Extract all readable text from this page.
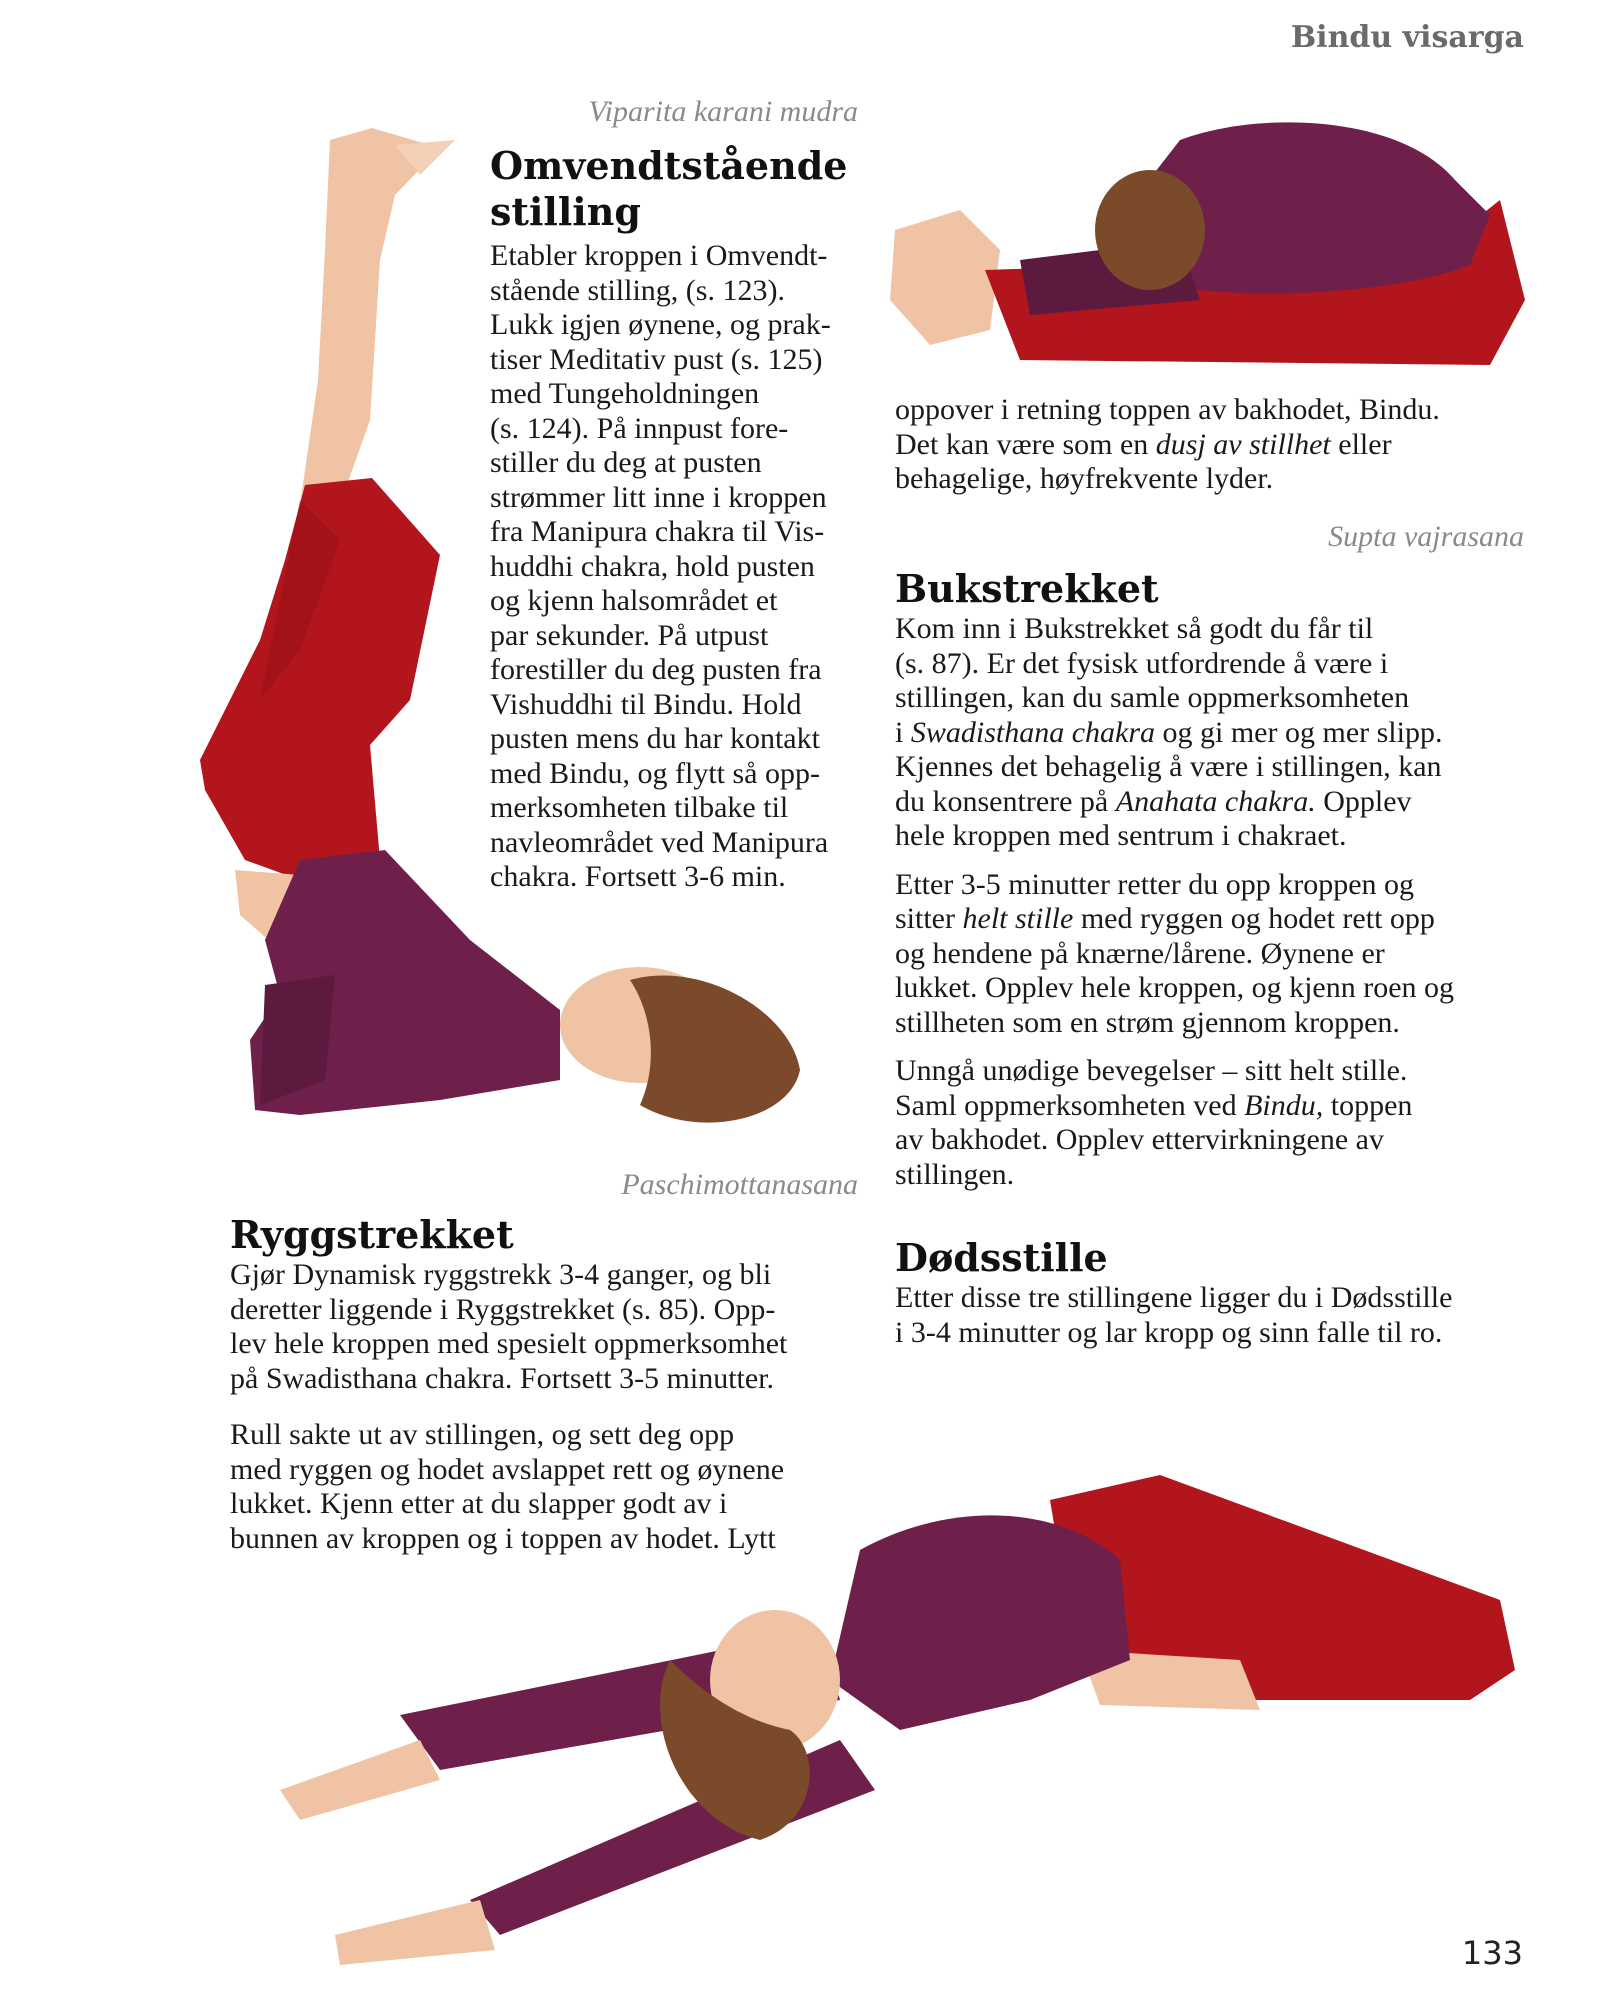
Bindu visarga
Viparita karani mudra
Omvendtstående
stilling
Etabler kroppen i Omvendt-
stående stilling, (s. 123).
Lukk igjen øynene, og prak-
tiser Meditativ pust (s. 125)
med Tungeholdningen
(s. 124). På innpust fore-
stiller du deg at pusten
strømmer litt inne i kroppen
fra Manipura chakra til Vis-
huddhi chakra, hold pusten
og kjenn halsområdet et
par sekunder. På utpust
forestiller du deg pusten fra
Vishuddhi til Bindu. Hold
pusten mens du har kontakt
med Bindu, og flytt så opp-
merksomheten tilbake til
navleområdet ved Manipura
chakra. Fortsett 3-6 min.
Paschimottanasana
Ryggstrekket

Gjør Dynamisk ryggstrekk 3-4 ganger, og bli
deretter liggende i Ryggstrekket (s. 85). Opp-
lev hele kroppen med spesielt oppmerksomhet
på Swadisthana chakra. Fortsett 3-5 minutter.

Rull sakte ut av stillingen, og sett deg opp
med ryggen og hodet avslappet rett og øynene
lukket. Kjenn etter at du slapper godt av i
bunnen av kroppen og i toppen av hodet. Lytt

oppover i retning toppen av bakhodet, Bindu.
Det kan være som en dusj av stillhet eller
behagelige, høyfrekvente lyder.
Supta vajrasana
Bukstrekket

Kom inn i Bukstrekket så godt du får til
(s. 87). Er det fysisk utfordrende å være i
stillingen, kan du samle oppmerksomheten
i Swadisthana chakra og gi mer og mer slipp.
Kjennes det behagelig å være i stillingen, kan
du konsentrere på Anahata chakra. Opplev
hele kroppen med sentrum i chakraet.

Etter 3-5 minutter retter du opp kroppen og
sitter helt stille med ryggen og hodet rett opp
og hendene på knærne/lårene. Øynene er
lukket. Opplev hele kroppen, og kjenn roen og
stillheten som en strøm gjennom kroppen.

Unngå unødige bevegelser – sitt helt stille.
Saml oppmerksomheten ved Bindu, toppen
av bakhodet. Opplev ettervirkningene av
stillingen.

Dødsstille
Etter disse tre stillingene ligger du i Dødsstille
i 3-4 minutter og lar kropp og sinn falle til ro.
133
